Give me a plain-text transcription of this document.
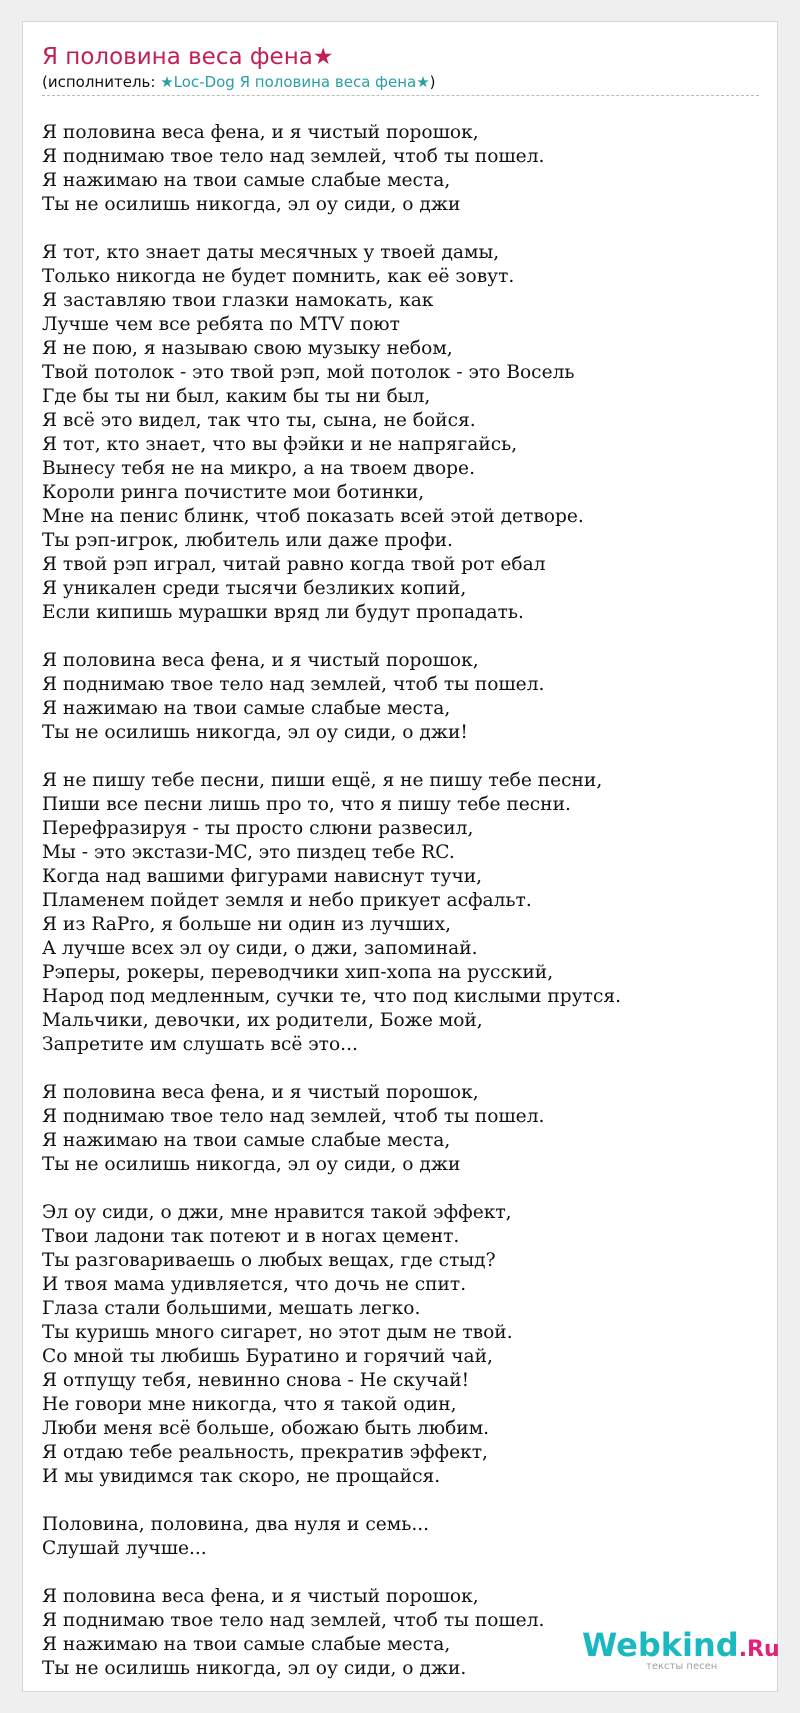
Я половина веса фена★
(исполнитель: ★Loc-Dog Я половина веса фена★)
Я половина веса фена, и я чистый порошок,
Я поднимаю твое тело над землей, чтоб ты пошел.
Я нажимаю на твои самые слабые места,
Ты не осилишь никогда, эл оу сиди, о джи

Я тот, кто знает даты месячных у твоей дамы,
Только никогда не будет помнить, как её зовут.
Я заставляю твои глазки намокать, как
Лучше чем все ребята по MTV поют
Я не пою, я называю свою музыку небом,
Твой потолок - это твой рэп, мой потолок - это Восель
Где бы ты ни был, каким бы ты ни был,
Я всё это видел, так что ты, сына, не бойся.
Я тот, кто знает, что вы фэйки и не напрягайсь,
Вынесу тебя не на микро, а на твоем дворе.
Короли ринга почистите мои ботинки,
Мне на пенис блинк, чтоб показать всей этой детворе.
Ты рэп-игрок, любитель или даже профи.
Я твой рэп играл, читай равно когда твой рот ебал
Я уникален среди тысячи безликих копий,
Если кипишь мурашки вряд ли будут пропадать.

Я половина веса фена, и я чистый порошок,
Я поднимаю твое тело над землей, чтоб ты пошел.
Я нажимаю на твои самые слабые места,
Ты не осилишь никогда, эл оу сиди, о джи!

Я не пишу тебе песни, пиши ещё, я не пишу тебе песни,
Пиши все песни лишь про то, что я пишу тебе песни.
Перефразируя - ты просто слюни развесил,
Мы - это экстази-MC, это пиздец тебе RC.
Когда над вашими фигурами нависнут тучи,
Пламенем пойдет земля и небо прикует асфальт.
Я из RaPro, я больше ни один из лучших,
А лучше всех эл оу сиди, о джи, запоминай.
Рэперы, рокеры, переводчики хип-хопа на русский,
Народ под медленным, сучки те, что под кислыми прутся.
Мальчики, девочки, их родители, Боже мой,
Запретите им слушать всё это...

Я половина веса фена, и я чистый порошок,
Я поднимаю твое тело над землей, чтоб ты пошел.
Я нажимаю на твои самые слабые места,
Ты не осилишь никогда, эл оу сиди, о джи

Эл оу сиди, о джи, мне нравится такой эффект,
Твои ладони так потеют и в ногах цемент.
Ты разговариваешь о любых вещах, где стыд?
И твоя мама удивляется, что дочь не спит.
Глаза стали большими, мешать легко.
Ты куришь много сигарет, но этот дым не твой.
Со мной ты любишь Буратино и горячий чай,
Я отпущу тебя, невинно снова - Не скучай!
Не говори мне никогда, что я такой один,
Люби меня всё больше, обожаю быть любим.
Я отдаю тебе реальность, прекратив эффект,
И мы увидимся так скоро, не прощайся.

Половина, половина, два нуля и семь...
Слушай лучше...

Я половина веса фена, и я чистый порошок,
Я поднимаю твое тело над землей, чтоб ты пошел.
Я нажимаю на твои самые слабые места,
Ты не осилишь никогда, эл оу сиди, о джи.
Webkind.Ru
тексты песен
